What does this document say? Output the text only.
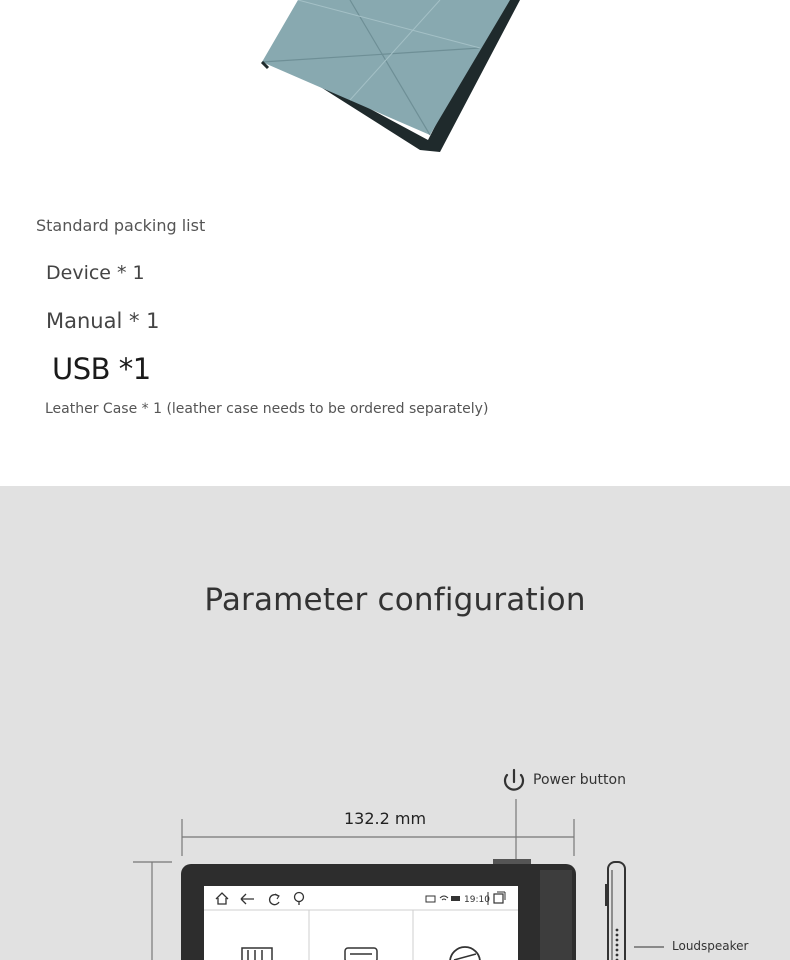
Standard packing list
Device * 1
Manual * 1
USB *1
Leather Case * 1 (leather case needs to be ordered separately)
Parameter configuration
19:10
Power button
132.2 mm
Loudspeaker
